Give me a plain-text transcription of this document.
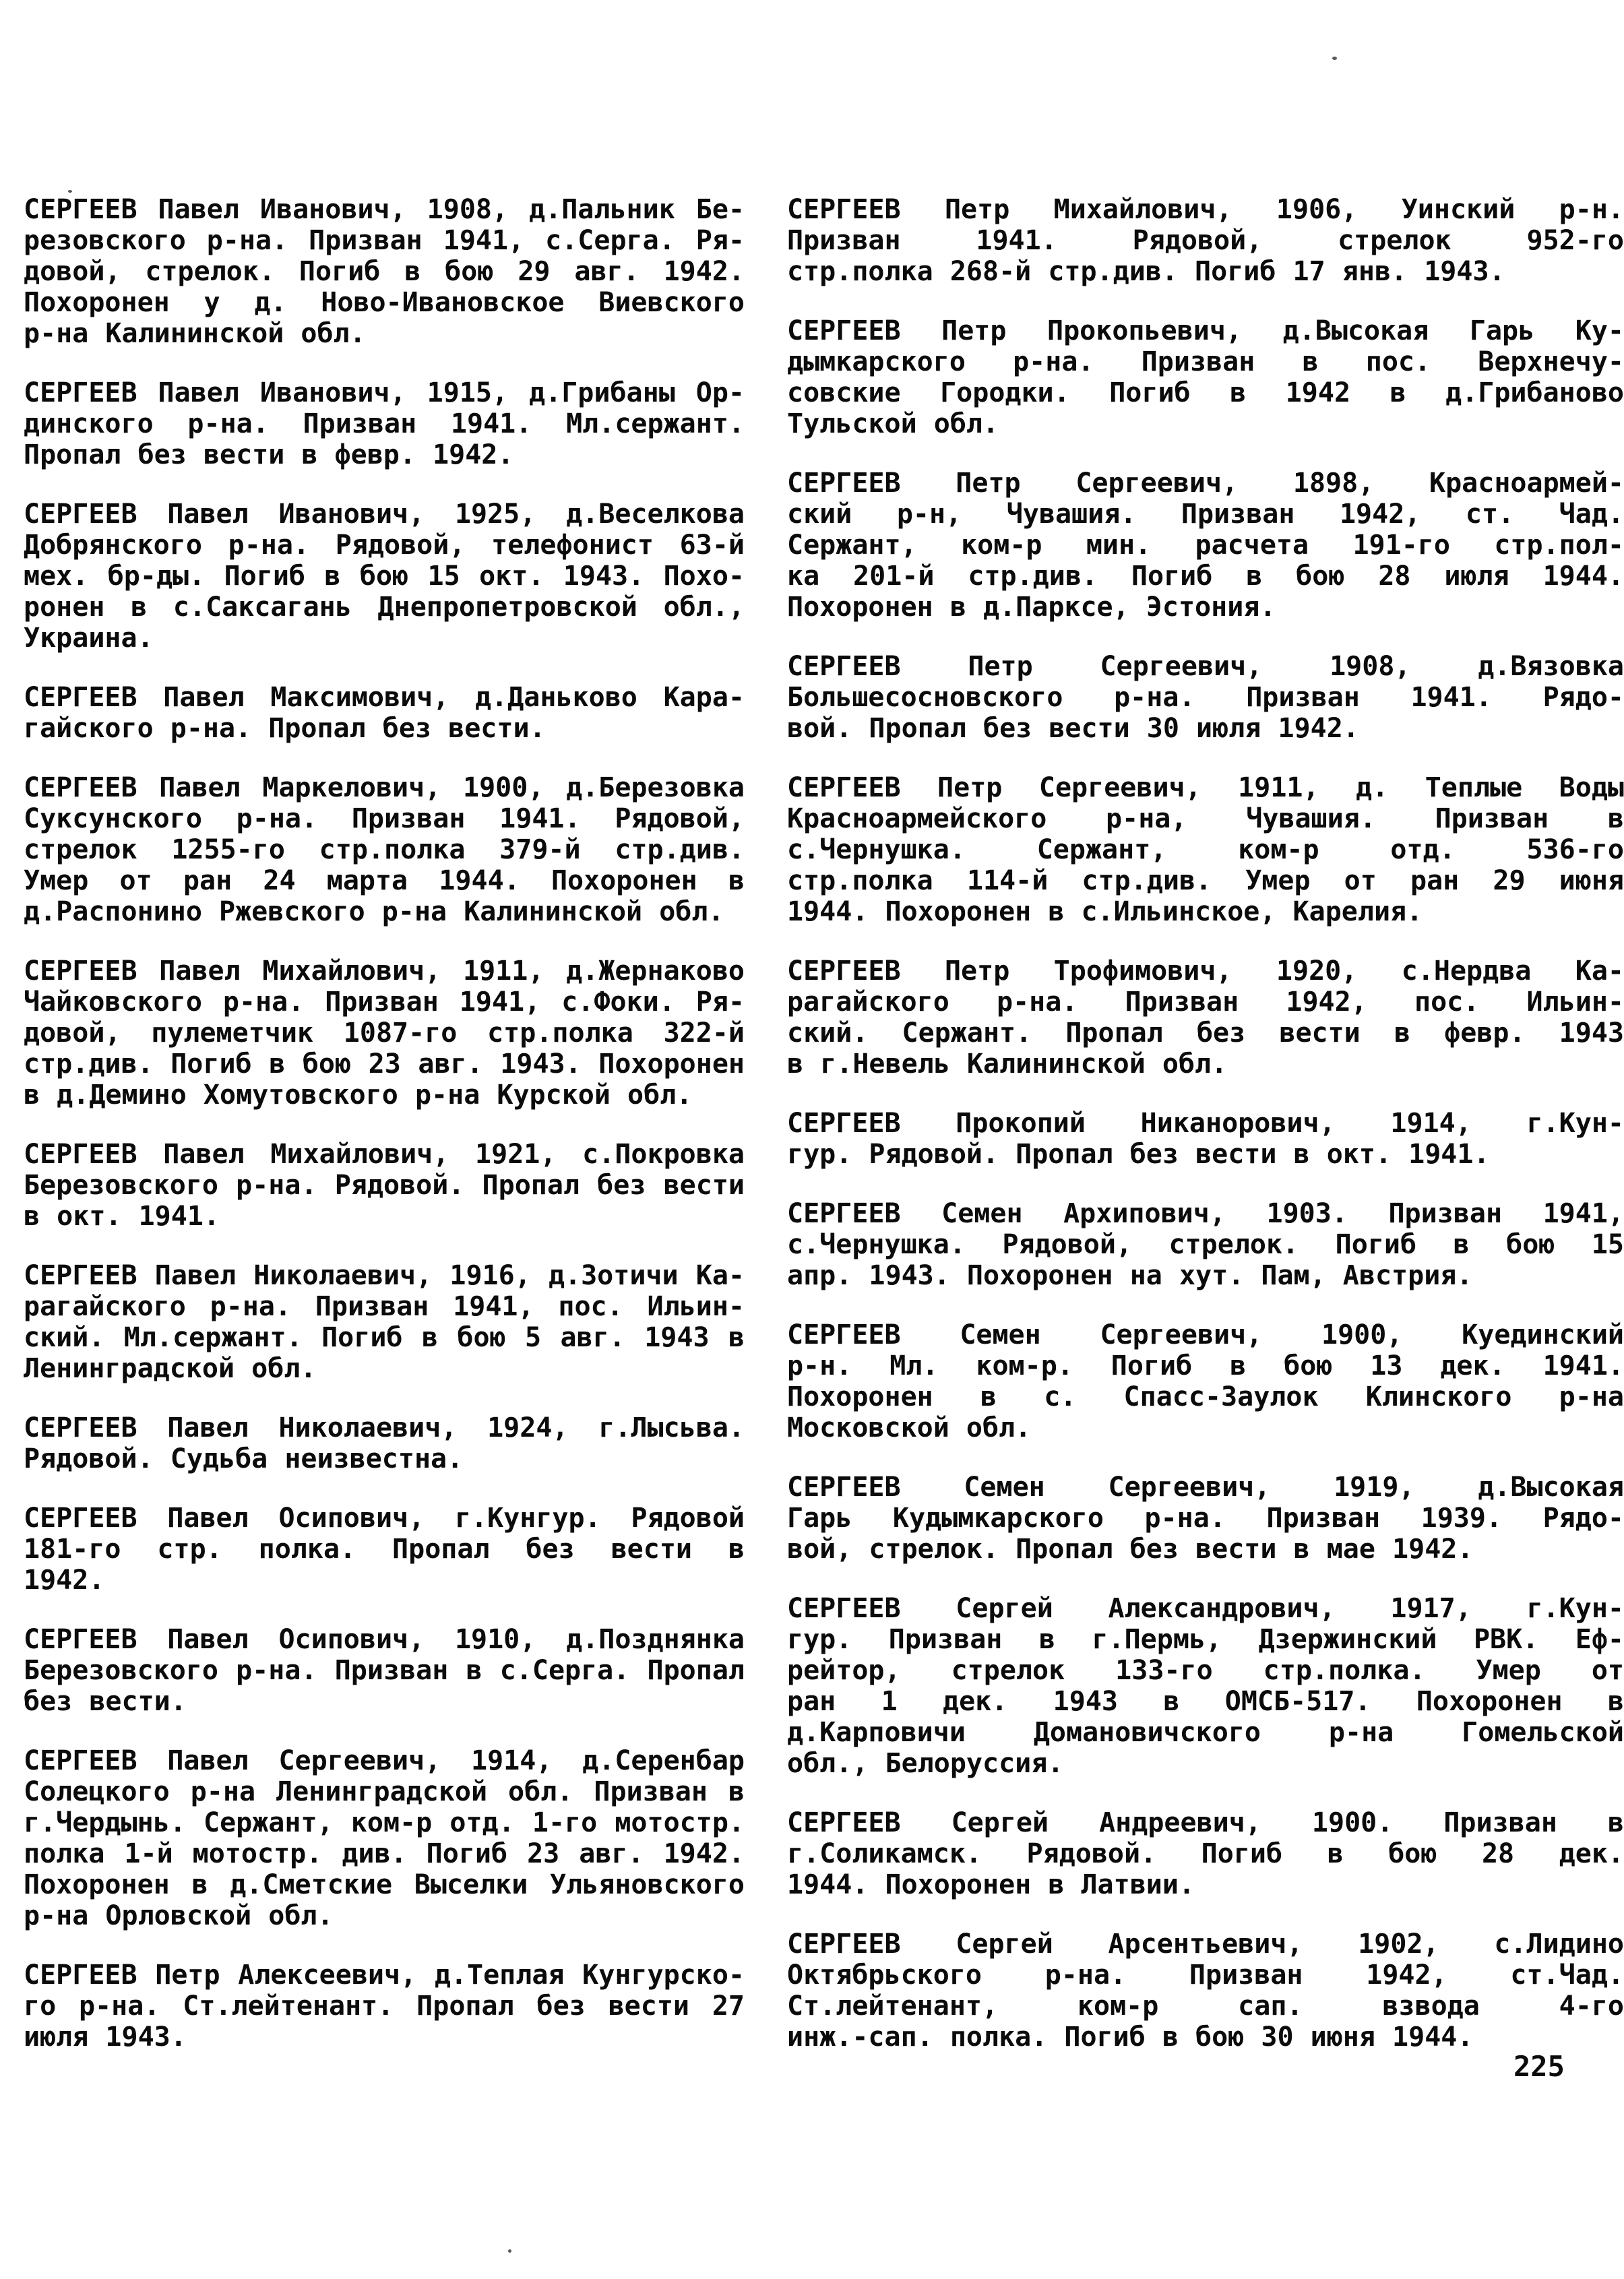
СЕРГЕЕВ Павел Иванович, 1908, д.Пальник Бе-
резовского р-на. Призван 1941, с.Серга. Ря-
довой, стрелок. Погиб в бою 29 авг. 1942.
Похоронен у д. Ново-Ивановское Виевского
р-на Калининской обл.
СЕРГЕЕВ Павел Иванович, 1915, д.Грибаны Ор-
динского р-на. Призван 1941. Мл.сержант.
Пропал без вести в февр. 1942.
СЕРГЕЕВ Павел Иванович, 1925, д.Веселкова
Добрянского р-на. Рядовой, телефонист 63-й
мех. бр-ды. Погиб в бою 15 окт. 1943. Похо-
ронен в с.Саксагань Днепропетровской обл.,
Украина.
СЕРГЕЕВ Павел Максимович, д.Даньково Кара-
гайского р-на. Пропал без вести.
СЕРГЕЕВ Павел Маркелович, 1900, д.Березовка
Суксунского р-на. Призван 1941. Рядовой,
стрелок 1255-го стр.полка 379-й стр.див.
Умер от ран 24 марта 1944. Похоронен в
д.Распонино Ржевского р-на Калининской обл.
СЕРГЕЕВ Павел Михайлович, 1911, д.Жернаково
Чайковского р-на. Призван 1941, с.Фоки. Ря-
довой, пулеметчик 1087-го стр.полка 322-й
стр.див. Погиб в бою 23 авг. 1943. Похоронен
в д.Демино Хомутовского р-на Курской обл.
СЕРГЕЕВ Павел Михайлович, 1921, с.Покровка
Березовского р-на. Рядовой. Пропал без вести
в окт. 1941.
СЕРГЕЕВ Павел Николаевич, 1916, д.Зотичи Ка-
рагайского р-на. Призван 1941, пос. Ильин-
ский. Мл.сержант. Погиб в бою 5 авг. 1943 в
Ленинградской обл.
СЕРГЕЕВ Павел Николаевич, 1924, г.Лысьва.
Рядовой. Судьба неизвестна.
СЕРГЕЕВ Павел Осипович, г.Кунгур. Рядовой
181-го стр. полка. Пропал без вести в
1942.
СЕРГЕЕВ Павел Осипович, 1910, д.Позднянка
Березовского р-на. Призван в с.Серга. Пропал
без вести.
СЕРГЕЕВ Павел Сергеевич, 1914, д.Серенбар
Солецкого р-на Ленинградской обл. Призван в
г.Чердынь. Сержант, ком-р отд. 1-го мотостр.
полка 1-й мотостр. див. Погиб 23 авг. 1942.
Похоронен в д.Сметские Выселки Ульяновского
р-на Орловской обл.
СЕРГЕЕВ Петр Алексеевич, д.Теплая Кунгурско-
го р-на. Ст.лейтенант. Пропал без вести 27
июля 1943.
СЕРГЕЕВ Петр Михайлович, 1906, Уинский р-н.
Призван 1941. Рядовой, стрелок 952-го
стр.полка 268-й стр.див. Погиб 17 янв. 1943.
СЕРГЕЕВ Петр Прокопьевич, д.Высокая Гарь Ку-
дымкарского р-на. Призван в пос. Верхнечу-
совские Городки. Погиб в 1942 в д.Грибаново
Тульской обл.
СЕРГЕЕВ Петр Сергеевич, 1898, Красноармей-
ский р-н, Чувашия. Призван 1942, ст. Чад.
Сержант, ком-р мин. расчета 191-го стр.пол-
ка 201-й стр.див. Погиб в бою 28 июля 1944.
Похоронен в д.Парксе, Эстония.
СЕРГЕЕВ Петр Сергеевич, 1908, д.Вязовка
Большесосновского р-на. Призван 1941. Рядо-
вой. Пропал без вести 30 июля 1942.
СЕРГЕЕВ Петр Сергеевич, 1911, д. Теплые Воды
Красноармейского р-на, Чувашия. Призван в
с.Чернушка. Сержант, ком-р отд. 536-го
стр.полка 114-й стр.див. Умер от ран 29 июня
1944. Похоронен в с.Ильинское, Карелия.
СЕРГЕЕВ Петр Трофимович, 1920, с.Нердва Ка-
рагайского р-на. Призван 1942, пос. Ильин-
ский. Сержант. Пропал без вести в февр. 1943
в г.Невель Калининской обл.
СЕРГЕЕВ Прокопий Никанорович, 1914, г.Кун-
гур. Рядовой. Пропал без вести в окт. 1941.
СЕРГЕЕВ Семен Архипович, 1903. Призван 1941,
с.Чернушка. Рядовой, стрелок. Погиб в бою 15
апр. 1943. Похоронен на хут. Пам, Австрия.
СЕРГЕЕВ Семен Сергеевич, 1900, Куединский
р-н. Мл. ком-р. Погиб в бою 13 дек. 1941.
Похоронен в с. Спасс-Заулок Клинского р-на
Московской обл.
СЕРГЕЕВ Семен Сергеевич, 1919, д.Высокая
Гарь Кудымкарского р-на. Призван 1939. Рядо-
вой, стрелок. Пропал без вести в мае 1942.
СЕРГЕЕВ Сергей Александрович, 1917, г.Кун-
гур. Призван в г.Пермь, Дзержинский РВК. Еф-
рейтор, стрелок 133-го стр.полка. Умер от
ран 1 дек. 1943 в ОМСБ-517. Похоронен в
д.Карповичи Домановичского р-на Гомельской
обл., Белоруссия.
СЕРГЕЕВ Сергей Андреевич, 1900. Призван в
г.Соликамск. Рядовой. Погиб в бою 28 дек.
1944. Похоронен в Латвии.
СЕРГЕЕВ Сергей Арсентьевич, 1902, с.Лидино
Октябрьского р-на. Призван 1942, ст.Чад.
Ст.лейтенант, ком-р сап. взвода 4-го
инж.-сап. полка. Погиб в бою 30 июня 1944.
225
